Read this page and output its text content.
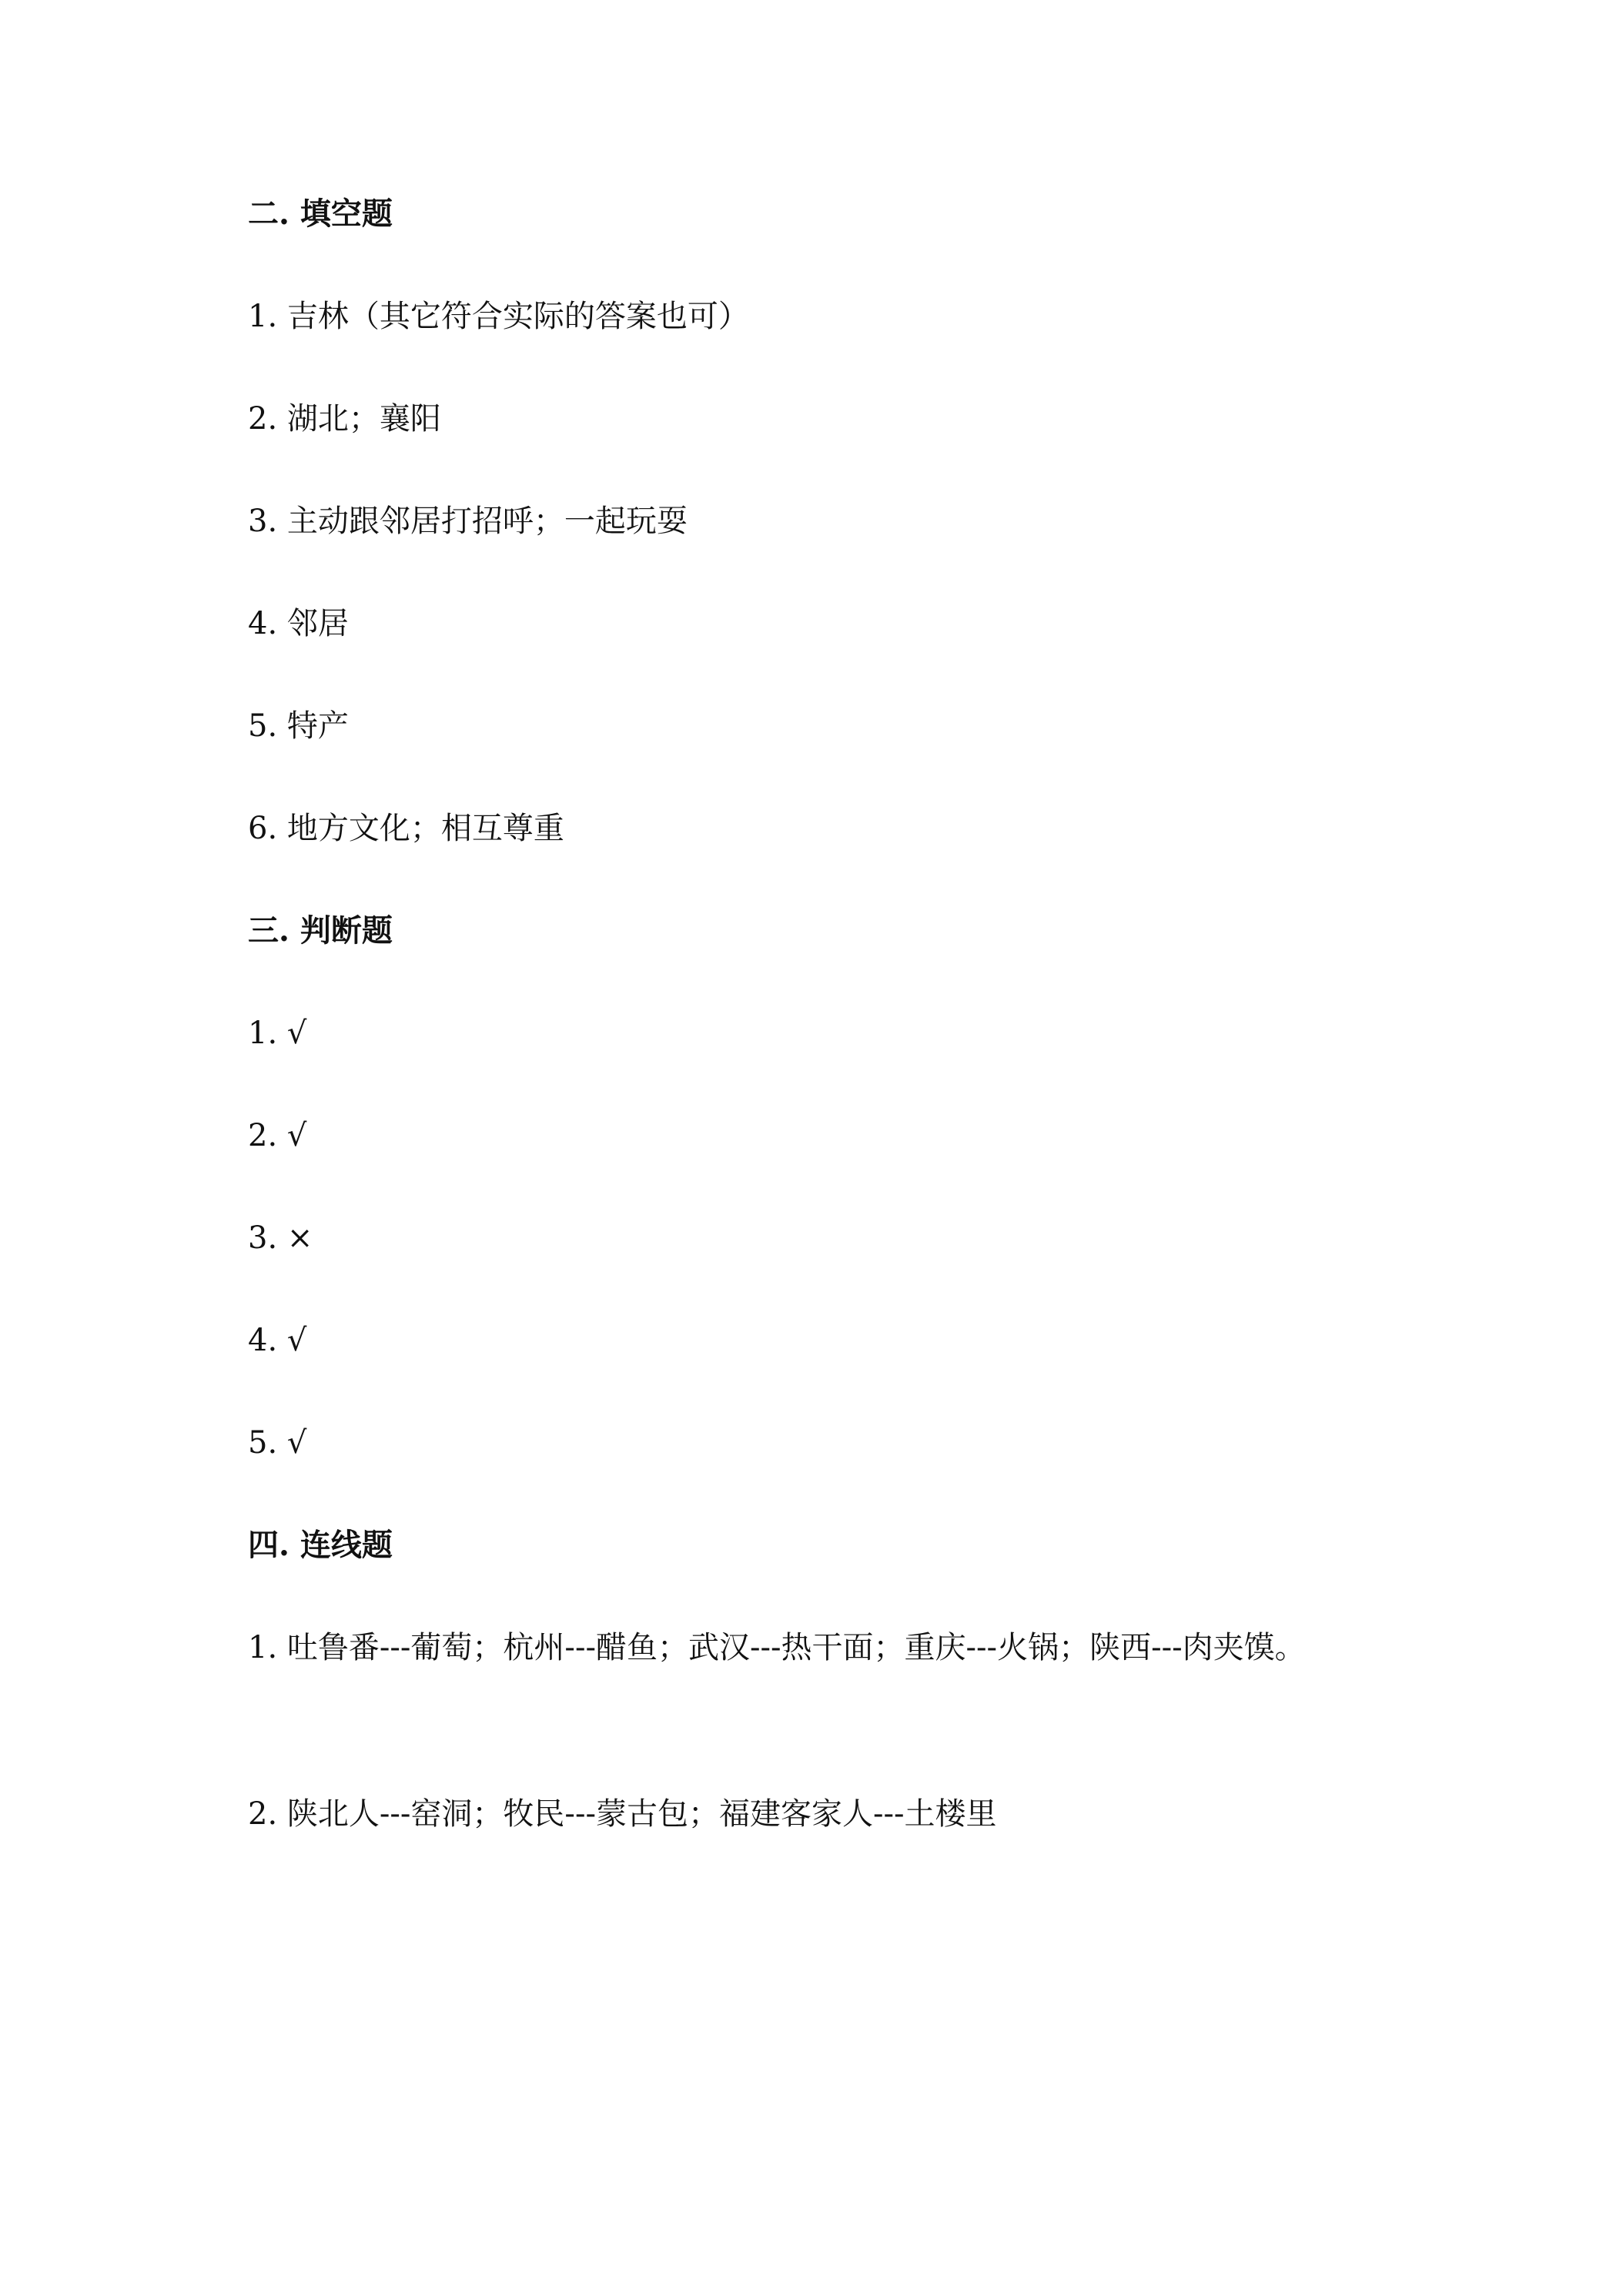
二. 填空题
1. 吉林（其它符合实际的答案也可）
2. 湖北；襄阳
3. 主动跟邻居打招呼；一起玩耍
4. 邻居
5. 特产
6. 地方文化；相互尊重
三. 判断题
1. √
2. √
3. ×
4. √
5. √
四. 连线题
1. 吐鲁番---葡萄；杭州---醋鱼；武汉---热干面；重庆---火锅；陕西---肉夹馍。
2. 陕北人---窑洞；牧民---蒙古包；福建客家人---土楼里
